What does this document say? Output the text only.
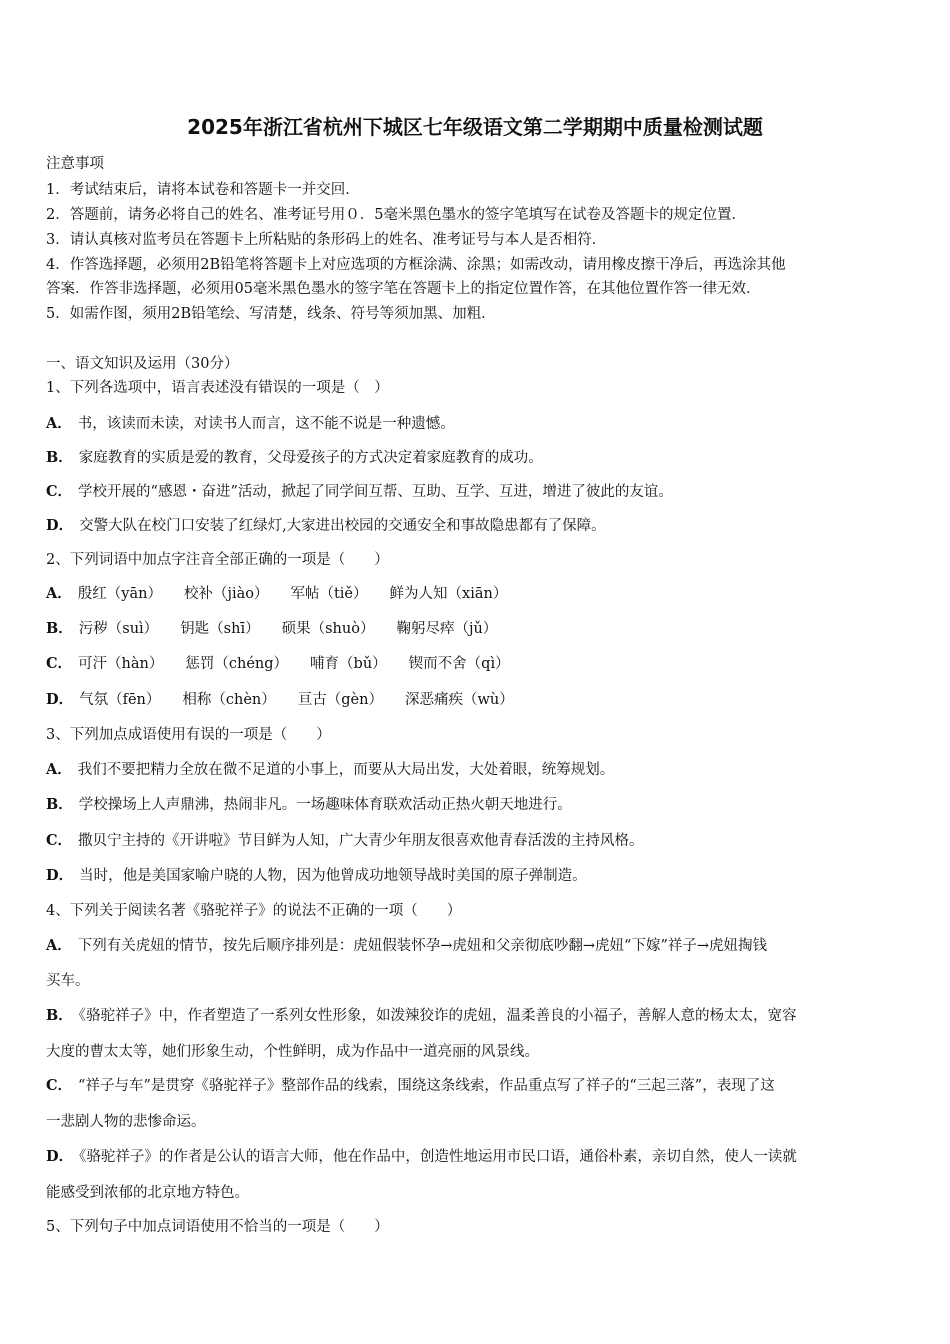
2025年浙江省杭州下城区七年级语文第二学期期中质量检测试题
注意事项
1．考试结束后，请将本试卷和答题卡一并交回．
2．答题前，请务必将自己的姓名、准考证号用０．5毫米黑色墨水的签字笔填写在试卷及答题卡的规定位置．
3．请认真核对监考员在答题卡上所粘贴的条形码上的姓名、准考证号与本人是否相符．
4．作答选择题，必须用2B铅笔将答题卡上对应选项的方框涂满、涂黑；如需改动，请用橡皮擦干净后，再选涂其他
答案．作答非选择题，必须用05毫米黑色墨水的签字笔在答题卡上的指定位置作答，在其他位置作答一律无效．
5．如需作图，须用2B铅笔绘、写清楚，线条、符号等须加黑、加粗．
一、语文知识及运用（30分）
1、下列各选项中，语言表述没有错误的一项是（　）
A． 书，该读而未读，对读书人而言，这不能不说是一种遗憾。
B． 家庭教育的实质是爱的教育，父母爱孩子的方式决定着家庭教育的成功。
C． 学校开展的“感恩・奋进”活动，掀起了同学间互帮、互助、互学、互进，增进了彼此的友谊。
D． 交警大队在校门口安装了红绿灯,大家进出校园的交通安全和事故隐患都有了保障。
2、下列词语中加点字注音全部正确的一项是（　　）
A． 殷红（yān） 校补（jiào） 军帖（tiě） 鲜为人知（xiān）
B． 污秽（suì） 钥匙（shī） 硕果（shuò） 鞠躬尽瘁（jǔ）
C． 可汗（hàn） 惩罚（chéng） 哺育（bǔ） 锲而不舍（qì）
D． 气氛（fēn） 相称（chèn） 亘古（gèn） 深恶痛疾（wù）
3、下列加点成语使用有误的一项是（　　）
A． 我们不要把精力全放在微不足道的小事上，而要从大局出发，大处着眼，统筹规划。
B． 学校操场上人声鼎沸，热闹非凡。一场趣味体育联欢活动正热火朝天地进行。
C． 撒贝宁主持的《开讲啦》节目鲜为人知，广大青少年朋友很喜欢他青春活泼的主持风格。
D． 当时，他是美国家喻户晓的人物，因为他曾成功地领导战时美国的原子弹制造。
4、下列关于阅读名著《骆驼祥子》的说法不正确的一项（　　）
A． 下列有关虎妞的情节，按先后顺序排列是：虎妞假装怀孕→虎妞和父亲彻底吵翻→虎妞“下嫁”祥子→虎妞掏钱
买车。
B． 《骆驼祥子》中，作者塑造了一系列女性形象，如泼辣狡诈的虎妞，温柔善良的小福子，善解人意的杨太太，宽容
大度的曹太太等，她们形象生动，个性鲜明，成为作品中一道亮丽的风景线。
C． “祥子与车”是贯穿《骆驼祥子》整部作品的线索，围绕这条线索，作品重点写了祥子的“三起三落”，表现了这
一悲剧人物的悲惨命运。
D． 《骆驼祥子》的作者是公认的语言大师，他在作品中，创造性地运用市民口语，通俗朴素，亲切自然，使人一读就
能感受到浓郁的北京地方特色。
5、下列句子中加点词语使用不恰当的一项是（　　）
